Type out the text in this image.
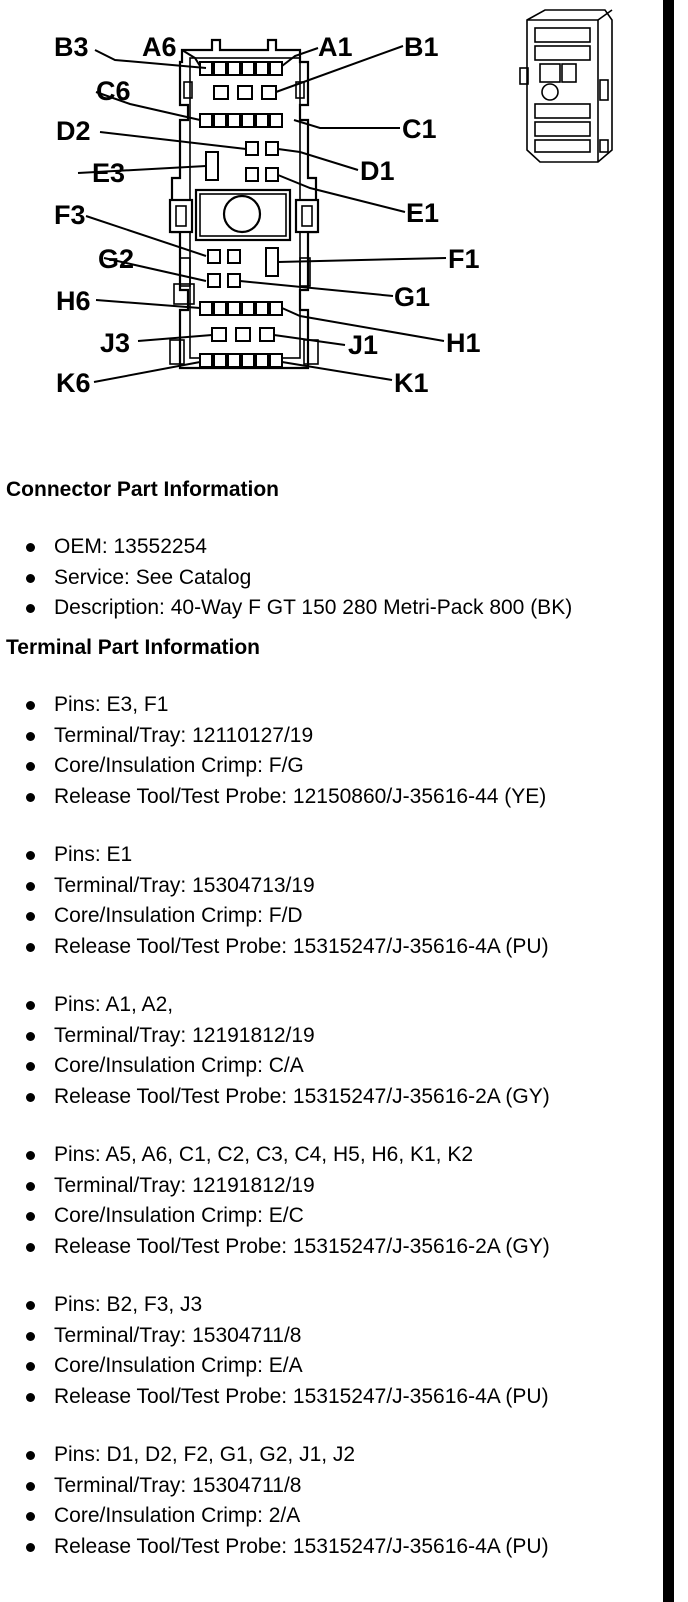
B3 A6	A1 B1
C6
C1
D2
D1
E3
E1
F3
F1
G2
G1
H6
H1
J3	J1
K6	K1
Connector Part Information
OEM: 13552254
Service: See Catalog
Description: 40-Way F GT 150 280 Metri-Pack 800 (BK)
Terminal Part Information
Pins: E3, F1
Terminal/Tray: 12110127/19
Core/Insulation Crimp: F/G
Release Tool/Test Probe: 12150860/J-35616-44 (YE)
Pins: E1
Terminal/Tray: 15304713/19
Core/Insulation Crimp: F/D
Release Tool/Test Probe: 15315247/J-35616-4A (PU)
Pins: A1, A2,
Terminal/Tray: 12191812/19
Core/Insulation Crimp: C/A
Release Tool/Test Probe: 15315247/J-35616-2A (GY)
Pins: A5, A6, C1, C2, C3, C4, H5, H6, K1, K2
Terminal/Tray: 12191812/19
Core/Insulation Crimp: E/C
Release Tool/Test Probe: 15315247/J-35616-2A (GY)
Pins: B2, F3, J3
Terminal/Tray: 15304711/8
Core/Insulation Crimp: E/A
Release Tool/Test Probe: 15315247/J-35616-4A (PU)
Pins: D1, D2, F2, G1, G2, J1, J2
Terminal/Tray: 15304711/8
Core/Insulation Crimp: 2/A
Release Tool/Test Probe: 15315247/J-35616-4A (PU)
